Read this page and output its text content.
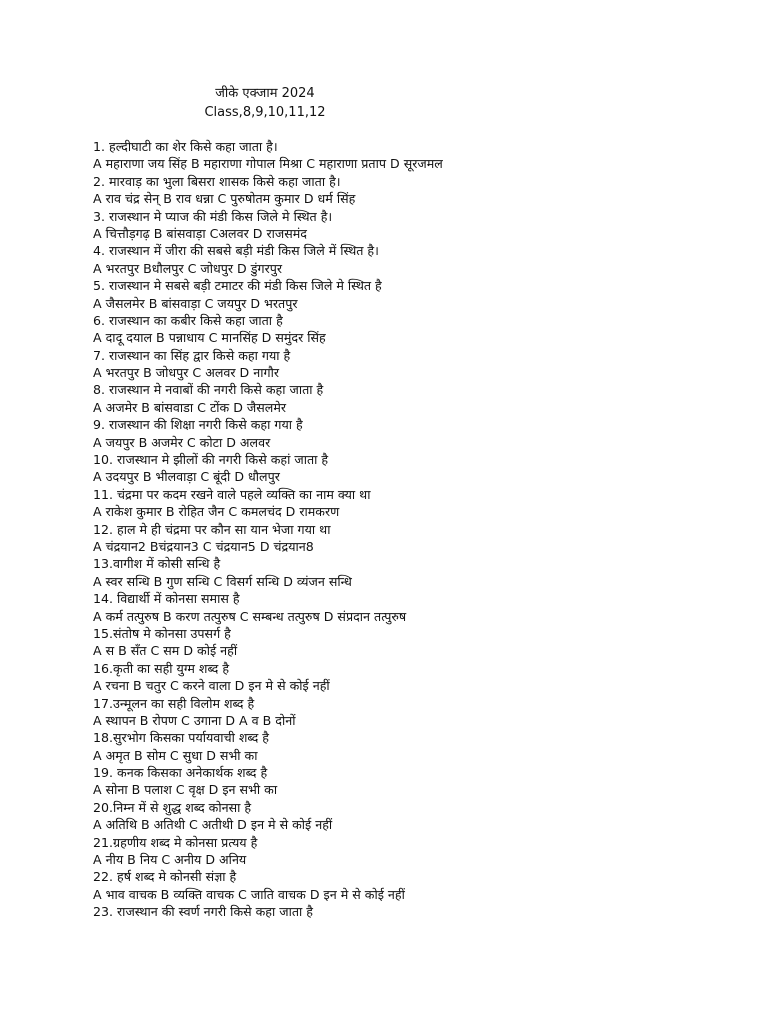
जीके एक्जाम 2024
Class,8,9,10,11,12
1. हल्दीघाटी का शेर किसे कहा जाता है।
A महाराणा जय सिंह B महाराणा गोपाल मिश्रा C महाराणा प्रताप D सूरजमल
2. मारवाड़ का भुला बिसरा शासक किसे कहा जाता है।
A राव चंद्र सेन् B राव धन्ना C पुरुषोतम कुमार D धर्म सिंह
3. राजस्थान मे प्याज की मंडी किस जिले मे स्थित है।
A चित्तौड़गढ़ B बांसवाड़ा Cअलवर D राजसमंद
4. राजस्थान में जीरा की सबसे बड़ी मंडी किस जिले में स्थित है।
A भरतपुर Bधौलपुर C जोधपुर D डुंगरपुर
5. राजस्थान मे सबसे बड़ी टमाटर की मंडी किस जिले मे स्थित है
A जैसलमेर B बांसवाड़ा C जयपुर D भरतपुर
6. राजस्थान का कबीर किसे कहा जाता है
A दादू दयाल B पन्नाधाय C मानसिंह D समुंदर सिंह
7. राजस्थान का सिंह द्वार किसे कहा गया है
A भरतपुर B जोधपुर C अलवर D नागौर
8. राजस्थान मे नवाबों की नगरी किसे कहा जाता है
A अजमेर B बांसवाडा C टोंक D जैसलमेर
9. राजस्थान की शिक्षा नगरी किसे कहा गया है
A जयपुर B अजमेर C कोटा D अलवर
10. राजस्थान मे झीलों की नगरी किसे कहां जाता है
A उदयपुर B भीलवाड़ा C बूंदी D धौलपुर
11. चंद्रमा पर कदम रखने वाले पहले व्यक्ति का नाम क्या था
A राकेश कुमार B रोहित जैन C कमलचंद D रामकरण
12. हाल मे ही चंद्रमा पर कौन सा यान भेजा गया था
A चंद्रयान2 Bचंद्रयान3 C चंद्रयान5 D चंद्रयान8
13.वागीश में कोसी सन्धि है
A स्वर सन्धि B गुण सन्धि C विसर्ग सन्धि D व्यंजन सन्धि
14. विद्यार्थी में कोनसा समास है
A कर्म तत्पुरुष B करण तत्पुरुष C सम्बन्ध तत्पुरुष D संप्रदान तत्पुरुष
15.संतोष मे कोनसा उपसर्ग है
A स B सँत C सम D कोई नहीं
16.कृती का सही युग्म शब्द है
A रचना B चतुर C करने वाला D इन मे से कोई नहीं
17.उन्मूलन का सही विलोम शब्द है
A स्थापन B रोपण C उगाना D A व B दोनों
18.सुरभोग किसका पर्यायवाची शब्द है
A अमृत B सोम C सुधा D सभी का
19. कनक किसका अनेकार्थक शब्द है
A सोना B पलाश C वृक्ष D इन सभी का
20.निम्न में से शुद्ध शब्द कोनसा है
A अतिथि B अतिथी C अतीथी D इन मे से कोई नहीं
21.ग्रहणीय शब्द मे कोनसा प्रत्यय है
A नीय B निय C अनीय D अनिय
22. हर्ष शब्द मे कोनसी संज्ञा है
A भाव वाचक B व्यक्ति वाचक C जाति वाचक D इन मे से कोई नहीं
23. राजस्थान की स्वर्ण नगरी किसे कहा जाता है
